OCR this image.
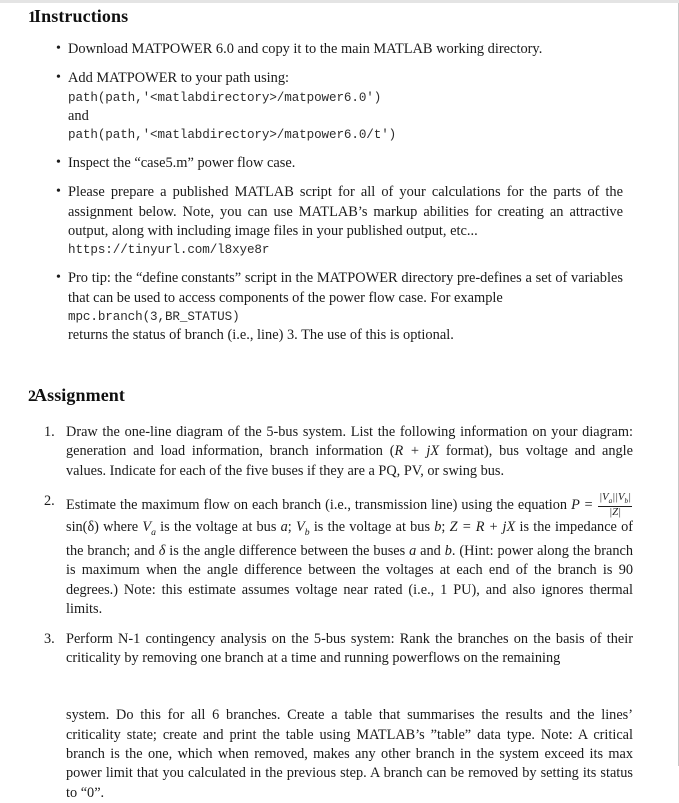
1
Instructions
• Download MATPOWER 6.0 and copy it to the main MATLAB working directory.
• Add MATPOWER to your path using:
path(path,'<matlabdirectory>/matpower6.0')
and
path(path,'<matlabdirectory>/matpower6.0/t')
• Inspect the “case5.m” power flow case.
• Please prepare a published MATLAB script for all of your calculations for the parts of the assignment below. Note, you can use MATLAB’s markup abilities for creating an attractive output, along with including image files in your published output, etc...
https://tinyurl.com/l8xye8r
• Pro tip: the “define constants” script in the MATPOWER directory pre-defines a set of variables that can be used to access components of the power flow case. For example
mpc.branch(3,BR_STATUS)
returns the status of branch (i.e., line) 3. The use of this is optional.
2
Assignment
1. Draw the one-line diagram of the 5-bus system. List the following information on your diagram: generation and load information, branch information (R + jX format), bus voltage and angle values. Indicate for each of the five buses if they are a PQ, PV, or swing bus.
2. Estimate the maximum flow on each branch (i.e., transmission line) using the equation $P = \frac{|V_a||V_b|}{|Z|}$
sin(δ) where $V_a$ is the voltage at bus a; $V_b$ is the voltage at bus b; Z = R + jX is the impedance of the branch; and δ is the angle difference between the buses a and b. (Hint: power along the branch is maximum when the angle difference between the voltages at each end of the branch is 90 degrees.) Note: this estimate assumes voltage near rated (i.e., 1 PU), and also ignores thermal limits.
3. Perform N-1 contingency analysis on the 5-bus system: Rank the branches on the basis of their criticality by removing one branch at a time and running powerflows on the remaining
system. Do this for all 6 branches. Create a table that summarises the results and the lines’ criticality state; create and print the table using MATLAB’s ”table” data type. Note: A critical branch is the one, which when removed, makes any other branch in the system exceed its max power limit that you calculated in the previous step. A branch can be removed by setting its status to “0”.
